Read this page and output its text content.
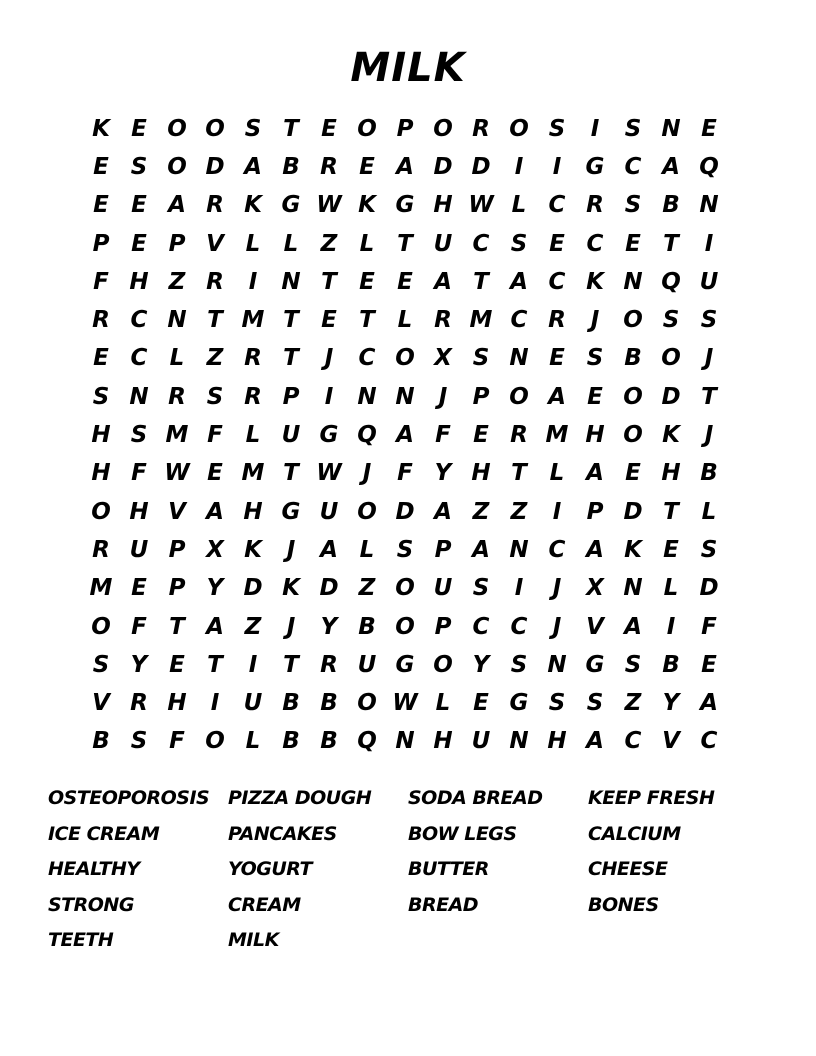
MILK
K E O O S T E O P O R O S	I	S N E
E S O D A B R E A D D	I	I	G C A Q
E E A R K G W K G H W L C R S B N
P E P V L	L Z L T U C S E C E T	I
F H Z R	I	N T E E A T A C K N Q U
R C N T M T E T L R M C R	J	O S S
E C L Z R T	J	C O X S N E S B O	J
S N R S R P	I	N N	J	P O A E O D T
H S M F L U G Q A F E R M H O K	J
H F W E M T W J	F Y H T L A E H B
O H V A H G U O D A Z Z	I	P D T L
R U P X K	J	A L S P A N C A K E S
M E P Y D K D Z O U S	I	J	X N L D
O F T A Z	J	Y B O P C C	J	V A	I	F
S Y E T	I	T R U G O Y S N G S B E
V R H	I	U B B O W L E G S S Z Y A
B S F O L B B Q N H U N H A C V C
OSTEOPOROSIS PIZZA DOUGH	SODA BREAD	KEEP FRESH
ICE CREAM	PANCAKES	BOW LEGS	CALCIUM
HEALTHY	YOGURT	BUTTER	CHEESE
STRONG	CREAM	BREAD	BONES
TEETH	MILK
